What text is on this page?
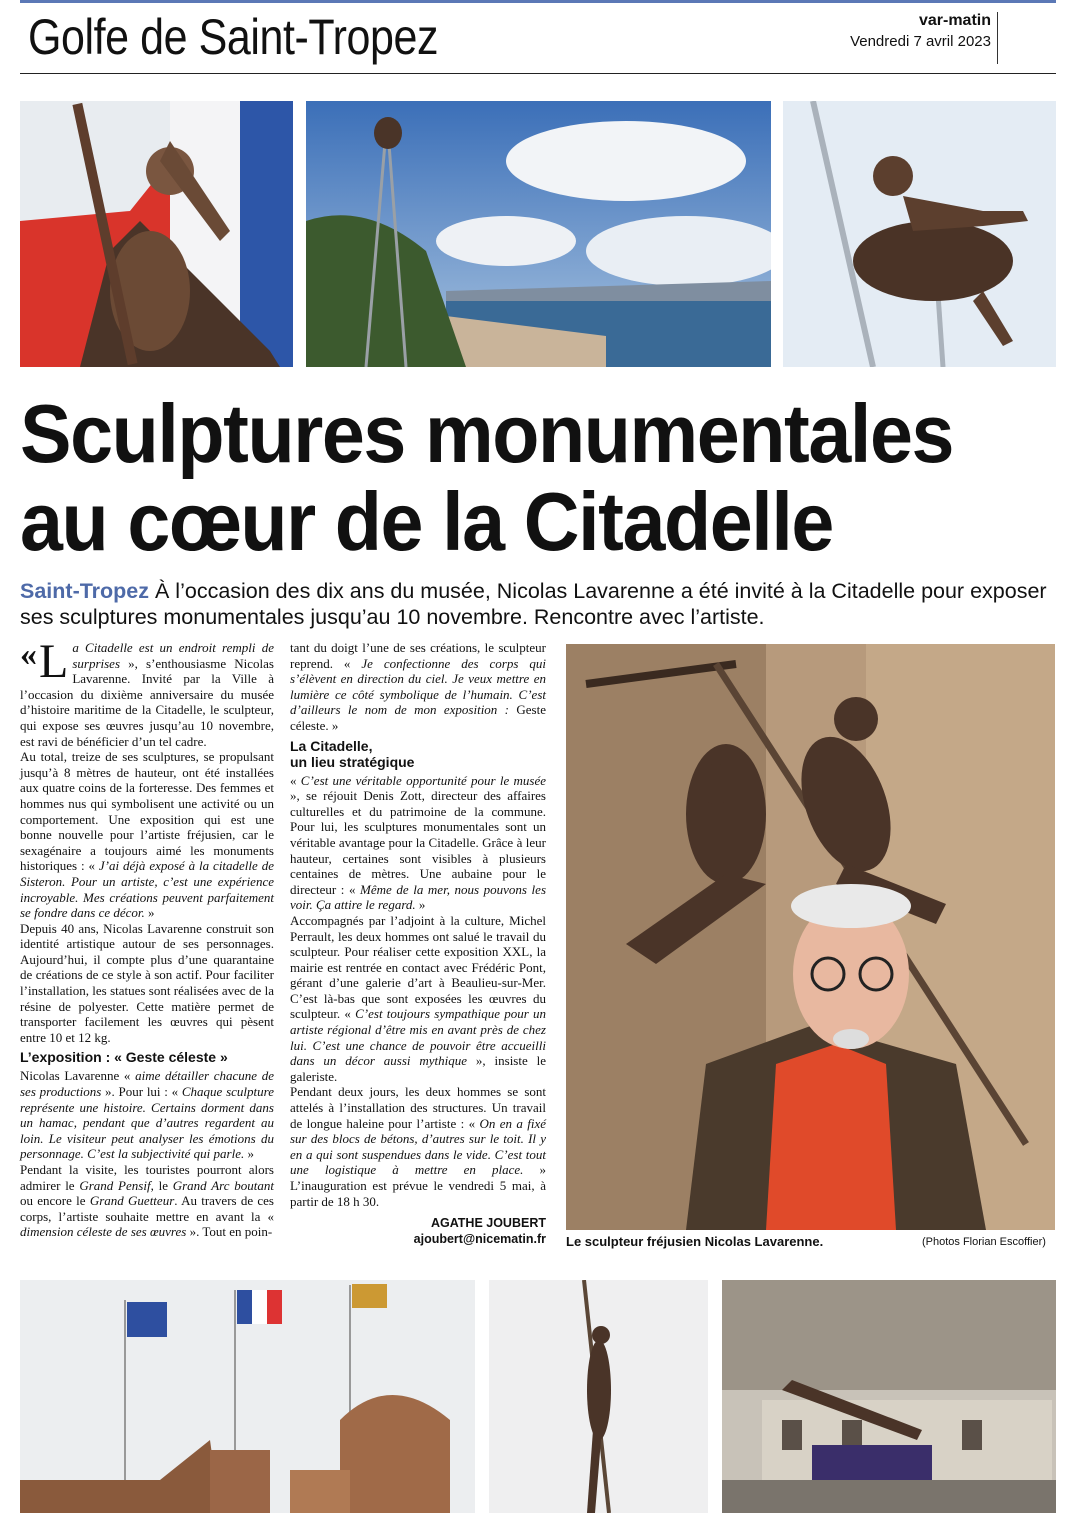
Golfe de Saint-Tropez	var-matin
Vendredi 7 avril 2023
Sculptures monumentales
au cœur de la Citadelle
Saint-Tropez À l’occasion des dix ans du musée, Nicolas Lavarenne a été invité à la Citadelle pour exposer ses sculptures monumentales jusqu’au 10 novembre. Rencontre avec l’artiste.

« L a Citadelle est un endroit rempli de surprises », s’enthousiasme Nicolas Lavarenne. Invité par la Ville à l’occasion du dixième anniversaire du musée d’histoire maritime de la Citadelle, le sculpteur, qui expose ses œuvres jusqu’au 10 novembre, est ravi de bénéficier d’un tel cadre.

Au total, treize de ses sculptures, se propulsant jusqu’à 8 mètres de hauteur, ont été installées aux quatre coins de la forteresse. Des femmes et hommes nus qui symbolisent une activité ou un comportement. Une exposition qui est une bonne nouvelle pour l’artiste fréjusien, car le sexagénaire a toujours aimé les monuments historiques : « J’ai déjà exposé à la citadelle de Sisteron. Pour un artiste, c’est une expérience incroyable. Mes créations peuvent parfaitement se fondre dans ce décor. »

Depuis 40 ans, Nicolas Lavarenne construit son identité artistique autour de ses personnages. Aujourd’hui, il compte plus d’une quarantaine de créations de ce style à son actif. Pour faciliter l’installation, les statues sont réalisées avec de la résine de polyester. Cette matière permet de transporter facilement les œuvres qui pèsent entre 10 et 12 kg.

L’exposition : « Geste céleste »

Nicolas Lavarenne « aime détailler chacune de ses productions ». Pour lui : « Chaque sculpture représente une histoire. Certains dorment dans un hamac, pendant que d’autres regardent au loin. Le visiteur peut analyser les émotions du personnage. C’est la subjectivité qui parle. »

Pendant la visite, les touristes pourront alors admirer le Grand Pensif, le Grand Arc boutant ou encore le Grand Guetteur. Au travers de ces corps, l’artiste souhaite mettre en avant la « dimension céleste de ses œuvres ». Tout en poin-

tant du doigt l’une de ses créations, le sculpteur reprend. « Je confectionne des corps qui s’élèvent en direction du ciel. Je veux mettre en lumière ce côté symbolique de l’humain. C’est d’ailleurs le nom de mon exposition : Geste céleste. »

La Citadelle,
un lieu stratégique

« C’est une véritable opportunité pour le musée », se réjouit Denis Zott, directeur des affaires culturelles et du patrimoine de la commune. Pour lui, les sculptures monumentales sont un véritable avantage pour la Citadelle. Grâce à leur hauteur, certaines sont visibles à plusieurs centaines de mètres. Une aubaine pour le directeur : « Même de la mer, nous pouvons les voir. Ça attire le regard. »

Accompagnés par l’adjoint à la culture, Michel Perrault, les deux hommes ont salué le travail du sculpteur. Pour réaliser cette exposition XXL, la mairie est rentrée en contact avec Frédéric Pont, gérant d’une galerie d’art à Beaulieu-sur-Mer. C’est là-bas que sont exposées les œuvres du sculpteur. « C’est toujours sympathique pour un artiste régional d’être mis en avant près de chez lui. C’est une chance de pouvoir être accueilli dans un décor aussi mythique », insiste le galeriste.

Pendant deux jours, les deux hommes se sont attelés à l’installation des structures. Un travail de longue haleine pour l’artiste : « On en a fixé sur des blocs de bétons, d’autres sur le toit. Il y en a qui sont suspendues dans le vide. C’est tout une logistique à mettre en place. » L’inauguration est prévue le vendredi 5 mai, à partir de 18 h 30.

AGATHE JOUBERT
ajoubert@nicematin.fr Le sculpteur fréjusien Nicolas Lavarenne.	(Photos Florian Escoffier)
